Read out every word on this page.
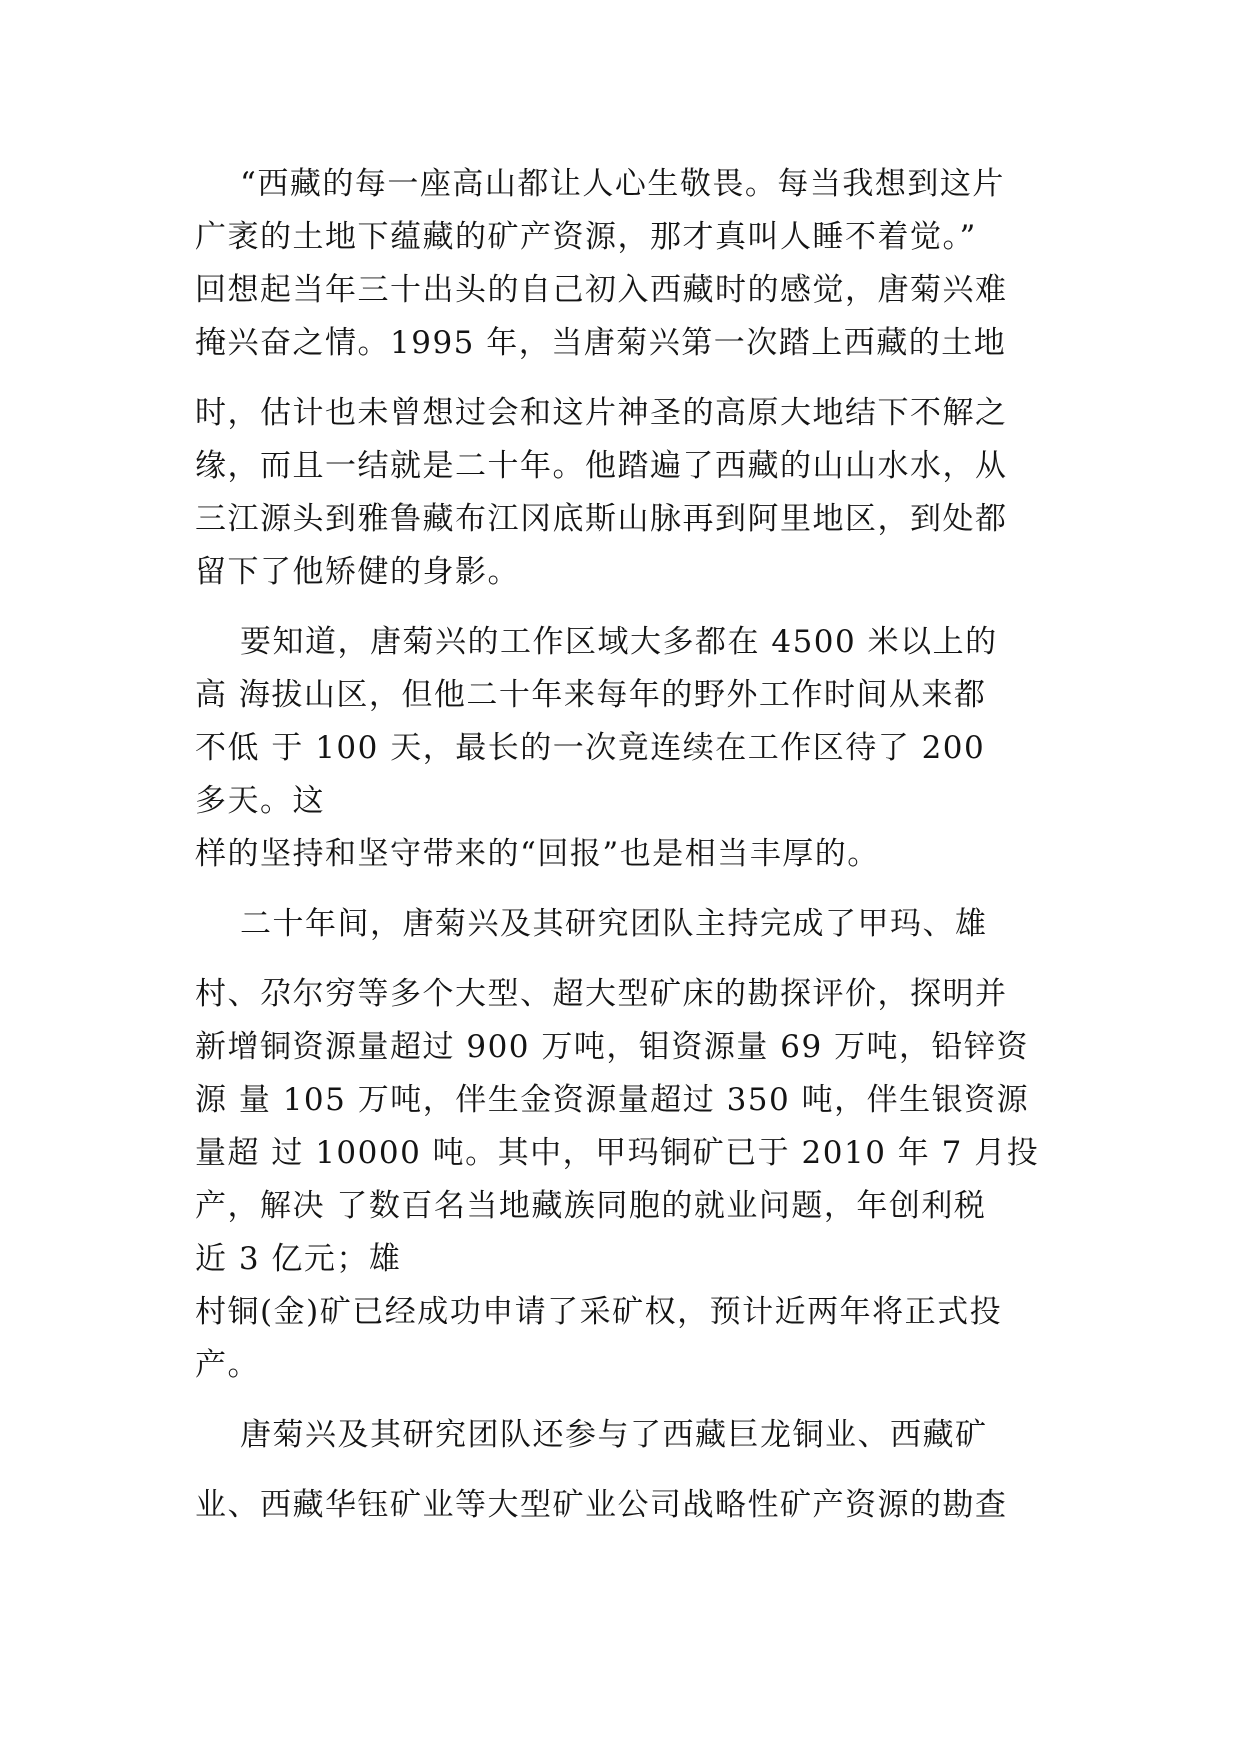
“西藏的每一座高山都让人心生敬畏。每当我想到这片

广袤的土地下蕴藏的矿产资源，那才真叫人睡不着觉。”

回想起当年三十出头的自己初入西藏时的感觉，唐菊兴难

掩兴奋之情。1995 年，当唐菊兴第一次踏上西藏的土地

时，估计也未曾想过会和这片神圣的高原大地结下不解之

缘，而且一结就是二十年。他踏遍了西藏的山山水水，从

三江源头到雅鲁藏布江冈底斯山脉再到阿里地区，到处都

留下了他矫健的身影。

要知道，唐菊兴的工作区域大多都在 4500 米以上的

高 海拔山区，但他二十年来每年的野外工作时间从来都

不低 于 100 天，最长的一次竟连续在工作区待了 200

多天。这

样的坚持和坚守带来的“回报”也是相当丰厚的。

二十年间，唐菊兴及其研究团队主持完成了甲玛、雄

村、尕尔穷等多个大型、超大型矿床的勘探评价，探明并

新增铜资源量超过 900 万吨，钼资源量 69 万吨，铅锌资

源 量 105 万吨，伴生金资源量超过 350 吨，伴生银资源

量超 过 10000 吨。其中，甲玛铜矿已于 2010 年 7 月投

产，解决 了数百名当地藏族同胞的就业问题，年创利税

近 3 亿元；雄

村铜(金)矿已经成功申请了采矿权，预计近两年将正式投

产。

唐菊兴及其研究团队还参与了西藏巨龙铜业、西藏矿

业、西藏华钰矿业等大型矿业公司战略性矿产资源的勘查
